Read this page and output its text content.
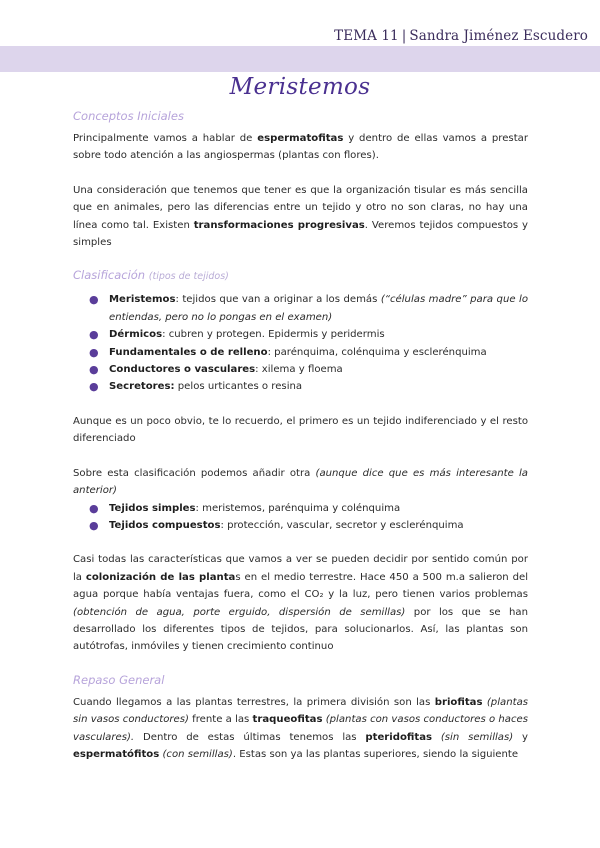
TEMA 11 | Sandra Jiménez Escudero
Meristemos
Conceptos Iniciales

Principalmente vamos a hablar de espermatofitas y dentro de ellas vamos a prestar sobre todo atención a las angiospermas (plantas con flores).

Una consideración que tenemos que tener es que la organización tisular es más sencilla que en animales, pero las diferencias entre un tejido y otro no son claras, no hay una línea como tal. Existen transformaciones progresivas. Veremos tejidos compuestos y simples

Clasificación (tipos de tejidos)
● Meristemos: tejidos que van a originar a los demás (“células madre” para que lo entiendas, pero no lo pongas en el examen)

● Dérmicos: cubren y protegen. Epidermis y peridermis
● Fundamentales o de relleno: parénquima, colénquima y esclerénquima
● Conductores o vasculares: xilema y floema
● Secretores: pelos urticantes o resina

Aunque es un poco obvio, te lo recuerdo, el primero es un tejido indiferenciado y el resto diferenciado

Sobre esta clasificación podemos añadir otra (aunque dice que es más interesante la anterior)

● Tejidos simples: meristemos, parénquima y colénquima
● Tejidos compuestos: protección, vascular, secretor y esclerénquima

Casi todas las características que vamos a ver se pueden decidir por sentido común por la colonización de las plantas en el medio terrestre. Hace 450 a 500 m.a salieron del agua porque había ventajas fuera, como el CO₂ y la luz, pero tienen varios problemas (obtención de agua, porte erguido, dispersión de semillas) por los que se han desarrollado los diferentes tipos de tejidos, para solucionarlos. Así, las plantas son autótrofas, inmóviles y tienen crecimiento continuo

Repaso General

Cuando llegamos a las plantas terrestres, la primera división son las briofitas (plantas sin vasos conductores) frente a las traqueofitas (plantas con vasos conductores o haces vasculares). Dentro de estas últimas tenemos las pteridofitas (sin semillas) y espermatófitos (con semillas). Estas son ya las plantas superiores, siendo la siguiente
